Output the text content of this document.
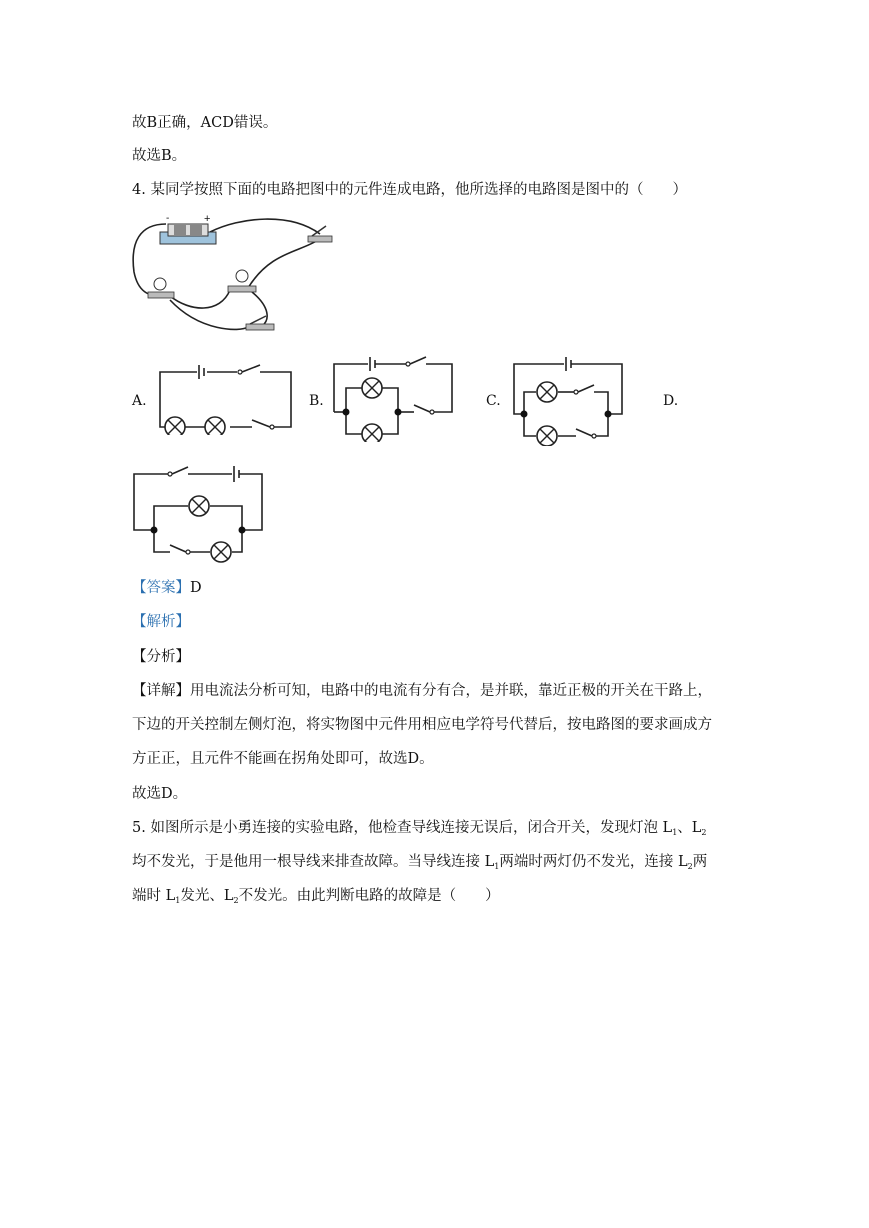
故B正确，ACD错误。
故选B。
4. 某同学按照下面的电路把图中的元件连成电路，他所选择的电路图是图中的（　　）
-	+
A.	B.	C.	D.
【答案】D
【解析】
【分析】
【详解】用电流法分析可知，电路中的电流有分有合，是并联，靠近正极的开关在干路上，
下边的开关控制左侧灯泡，将实物图中元件用相应电学符号代替后，按电路图的要求画成方
方正正，且元件不能画在拐角处即可，故选D。
故选D。
5. 如图所示是小勇连接的实验电路，他检查导线连接无误后，闭合开关，发现灯泡 $L_1$、$L_2$
均不发光，于是他用一根导线来排查故障。当导线连接 $L_1$两端时两灯仍不发光，连接 $L_2$两
端时 $L_1$发光、$L_2$不发光。由此判断电路的故障是（　　）
